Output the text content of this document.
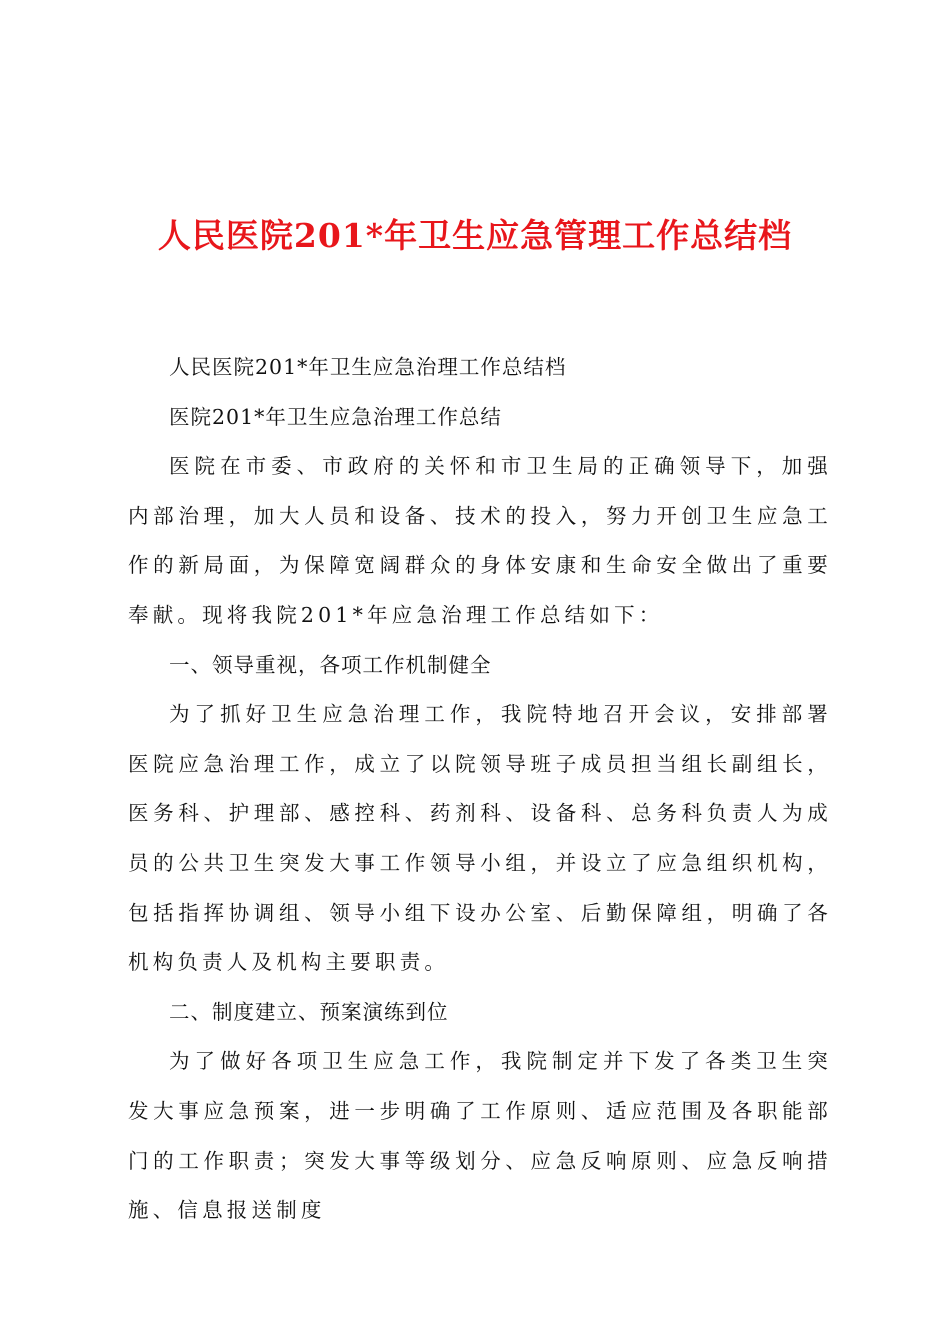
人民医院201*年卫生应急管理工作总结档

人民医院201*年卫生应急治理工作总结档

医院201*年卫生应急治理工作总结

医院在市委、市政府的关怀和市卫生局的正确领导下，加强内部治理，加大人员和设备、技术的投入，努力开创卫生应急工作的新局面，为保障宽阔群众的身体安康和生命安全做出了重要奉献。现将我院201*年应急治理工作总结如下：

一、领导重视，各项工作机制健全

为了抓好卫生应急治理工作，我院特地召开会议，安排部署医院应急治理工作，成立了以院领导班子成员担当组长副组长，医务科、护理部、感控科、药剂科、设备科、总务科负责人为成员的公共卫生突发大事工作领导小组，并设立了应急组织机构，包括指挥协调组、领导小组下设办公室、后勤保障组，明确了各机构负责人及机构主要职责。

二、制度建立、预案演练到位

为了做好各项卫生应急工作，我院制定并下发了各类卫生突发大事应急预案，进一步明确了工作原则、适应范围及各职能部门的工作职责；突发大事等级划分、应急反响原则、应急反响措施、信息报送制度
